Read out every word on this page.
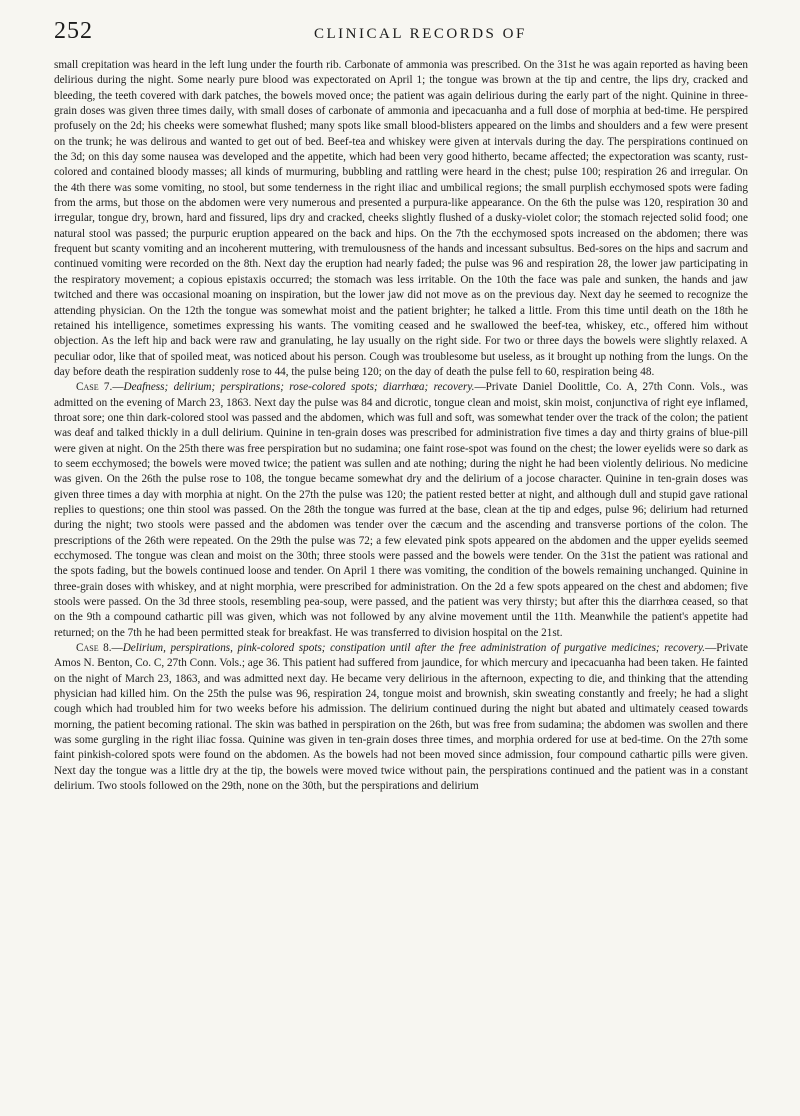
252	CLINICAL RECORDS OF

small crepitation was heard in the left lung under the fourth rib. Carbonate of ammonia was prescribed. On the 31st he was again reported as having been delirious during the night. Some nearly pure blood was expectorated on April 1; the tongue was brown at the tip and centre, the lips dry, cracked and bleeding, the teeth covered with dark patches, the bowels moved once; the patient was again delirious during the early part of the night. Quinine in three-grain doses was given three times daily, with small doses of carbonate of ammonia and ipecacuanha and a full dose of morphia at bed-time. He perspired profusely on the 2d; his cheeks were somewhat flushed; many spots like small blood-blisters appeared on the limbs and shoulders and a few were present on the trunk; he was delirous and wanted to get out of bed. Beef-tea and whiskey were given at intervals during the day. The perspirations continued on the 3d; on this day some nausea was developed and the appetite, which had been very good hitherto, became affected; the expectoration was scanty, rust-colored and contained bloody masses; all kinds of murmuring, bubbling and rattling were heard in the chest; pulse 100; respiration 26 and irregular. On the 4th there was some vomiting, no stool, but some tenderness in the right iliac and umbilical regions; the small purplish ecchymosed spots were fading from the arms, but those on the abdomen were very numerous and presented a purpura-like appearance. On the 6th the pulse was 120, respiration 30 and irregular, tongue dry, brown, hard and fissured, lips dry and cracked, cheeks slightly flushed of a dusky-violet color; the stomach rejected solid food; one natural stool was passed; the purpuric eruption appeared on the back and hips. On the 7th the ecchymosed spots increased on the abdomen; there was frequent but scanty vomiting and an incoherent muttering, with tremulousness of the hands and incessant subsultus. Bed-sores on the hips and sacrum and continued vomiting were recorded on the 8th. Next day the eruption had nearly faded; the pulse was 96 and respiration 28, the lower jaw participating in the respiratory movement; a copious epistaxis occurred; the stomach was less irritable. On the 10th the face was pale and sunken, the hands and jaw twitched and there was occasional moaning on inspiration, but the lower jaw did not move as on the previous day. Next day he seemed to recognize the attending physician. On the 12th the tongue was somewhat moist and the patient brighter; he talked a little. From this time until death on the 18th he retained his intelligence, sometimes expressing his wants. The vomiting ceased and he swallowed the beef-tea, whiskey, etc., offered him without objection. As the left hip and back were raw and granulating, he lay usually on the right side. For two or three days the bowels were slightly relaxed. A peculiar odor, like that of spoiled meat, was noticed about his person. Cough was troublesome but useless, as it brought up nothing from the lungs. On the day before death the respiration suddenly rose to 44, the pulse being 120; on the day of death the pulse fell to 60, respiration being 48.

Case 7.—Deafness; delirium; perspirations; rose-colored spots; diarrhœa; recovery.—Private Daniel Doolittle, Co. A, 27th Conn. Vols., was admitted on the evening of March 23, 1863. Next day the pulse was 84 and dicrotic, tongue clean and moist, skin moist, conjunctiva of right eye inflamed, throat sore; one thin dark-colored stool was passed and the abdomen, which was full and soft, was somewhat tender over the track of the colon; the patient was deaf and talked thickly in a dull delirium. Quinine in ten-grain doses was prescribed for administration five times a day and thirty grains of blue-pill were given at night. On the 25th there was free perspiration but no sudamina; one faint rose-spot was found on the chest; the lower eyelids were so dark as to seem ecchymosed; the bowels were moved twice; the patient was sullen and ate nothing; during the night he had been violently delirious. No medicine was given. On the 26th the pulse rose to 108, the tongue became somewhat dry and the delirium of a jocose character. Quinine in ten-grain doses was given three times a day with morphia at night. On the 27th the pulse was 120; the patient rested better at night, and although dull and stupid gave rational replies to questions; one thin stool was passed. On the 28th the tongue was furred at the base, clean at the tip and edges, pulse 96; delirium had returned during the night; two stools were passed and the abdomen was tender over the cæcum and the ascending and transverse portions of the colon. The prescriptions of the 26th were repeated. On the 29th the pulse was 72; a few elevated pink spots appeared on the abdomen and the upper eyelids seemed ecchymosed. The tongue was clean and moist on the 30th; three stools were passed and the bowels were tender. On the 31st the patient was rational and the spots fading, but the bowels continued loose and tender. On April 1 there was vomiting, the condition of the bowels remaining unchanged. Quinine in three-grain doses with whiskey, and at night morphia, were prescribed for administration. On the 2d a few spots appeared on the chest and abdomen; five stools were passed. On the 3d three stools, resembling pea-soup, were passed, and the patient was very thirsty; but after this the diarrhœa ceased, so that on the 9th a compound cathartic pill was given, which was not followed by any alvine movement until the 11th. Meanwhile the patient's appetite had returned; on the 7th he had been permitted steak for breakfast. He was transferred to division hospital on the 21st.

Case 8.—Delirium, perspirations, pink-colored spots; constipation until after the free administration of purgative medicines; recovery.—Private Amos N. Benton, Co. C, 27th Conn. Vols.; age 36. This patient had suffered from jaundice, for which mercury and ipecacuanha had been taken. He fainted on the night of March 23, 1863, and was admitted next day. He became very delirious in the afternoon, expecting to die, and thinking that the attending physician had killed him. On the 25th the pulse was 96, respiration 24, tongue moist and brownish, skin sweating constantly and freely; he had a slight cough which had troubled him for two weeks before his admission. The delirium continued during the night but abated and ultimately ceased towards morning, the patient becoming rational. The skin was bathed in perspiration on the 26th, but was free from sudamina; the abdomen was swollen and there was some gurgling in the right iliac fossa. Quinine was given in ten-grain doses three times, and morphia ordered for use at bed-time. On the 27th some faint pinkish-colored spots were found on the abdomen. As the bowels had not been moved since admission, four compound cathartic pills were given. Next day the tongue was a little dry at the tip, the bowels were moved twice without pain, the perspirations continued and the patient was in a constant delirium. Two stools followed on the 29th, none on the 30th, but the perspirations and delirium
